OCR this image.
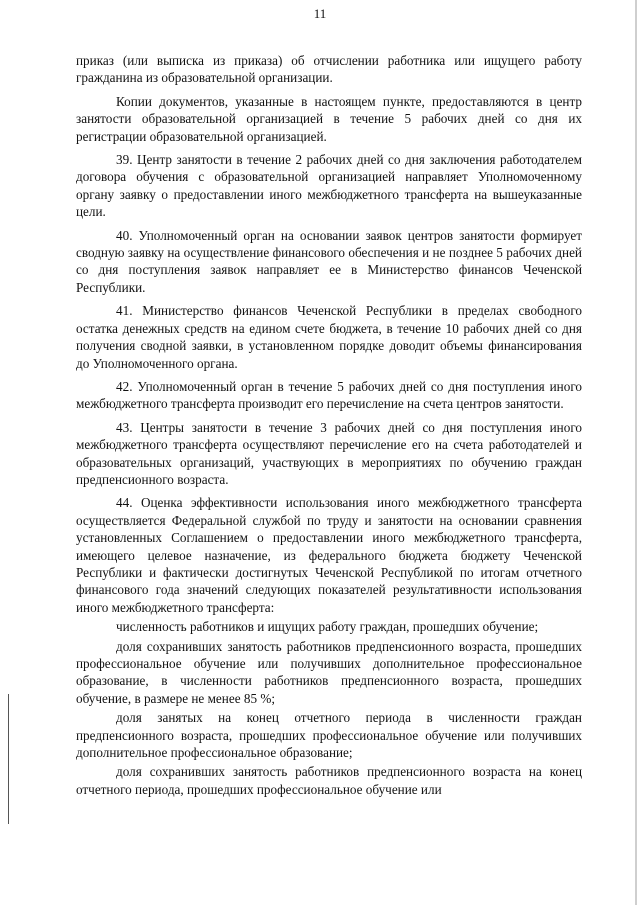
11

приказ (или выписка из приказа) об отчислении работника или ищущего работу гражданина из образовательной организации.

Копии документов, указанные в настоящем пункте, предоставляются в центр занятости образовательной организацией в течение 5 рабочих дней со дня их регистрации образовательной организацией.

39. Центр занятости в течение 2 рабочих дней со дня заключения работодателем договора обучения с образовательной организацией направляет Уполномоченному органу заявку о предоставлении иного межбюджетного трансферта на вышеуказанные цели.

40. Уполномоченный орган на основании заявок центров занятости формирует сводную заявку на осуществление финансового обеспечения и не позднее 5 рабочих дней со дня поступления заявок направляет ее в Министерство финансов Чеченской Республики.

41. Министерство финансов Чеченской Республики в пределах свободного остатка денежных средств на едином счете бюджета, в течение 10 рабочих дней со дня получения сводной заявки, в установленном порядке доводит объемы финансирования до Уполномоченного органа.

42. Уполномоченный орган в течение 5 рабочих дней со дня поступления иного межбюджетного трансферта производит его перечисление на счета центров занятости.

43. Центры занятости в течение 3 рабочих дней со дня поступления иного межбюджетного трансферта осуществляют перечисление его на счета работодателей и образовательных организаций, участвующих в мероприятиях по обучению граждан предпенсионного возраста.

44. Оценка эффективности использования иного межбюджетного трансферта осуществляется Федеральной службой по труду и занятости на основании сравнения установленных Соглашением о предоставлении иного межбюджетного трансферта, имеющего целевое назначение, из федерального бюджета бюджету Чеченской Республики и фактически достигнутых Чеченской Республикой по итогам отчетного финансового года значений следующих показателей результативности использования иного межбюджетного трансферта:

численность работников и ищущих работу граждан, прошедших обучение;

доля сохранивших занятость работников предпенсионного возраста, прошедших профессиональное обучение или получивших дополнительное профессиональное образование, в численности работников предпенсионного возраста, прошедших обучение, в размере не менее 85 %;

доля занятых на конец отчетного периода в численности граждан предпенсионного возраста, прошедших профессиональное обучение или получивших дополнительное профессиональное образование;

доля сохранивших занятость работников предпенсионного возраста на конец отчетного периода, прошедших профессиональное обучение или
